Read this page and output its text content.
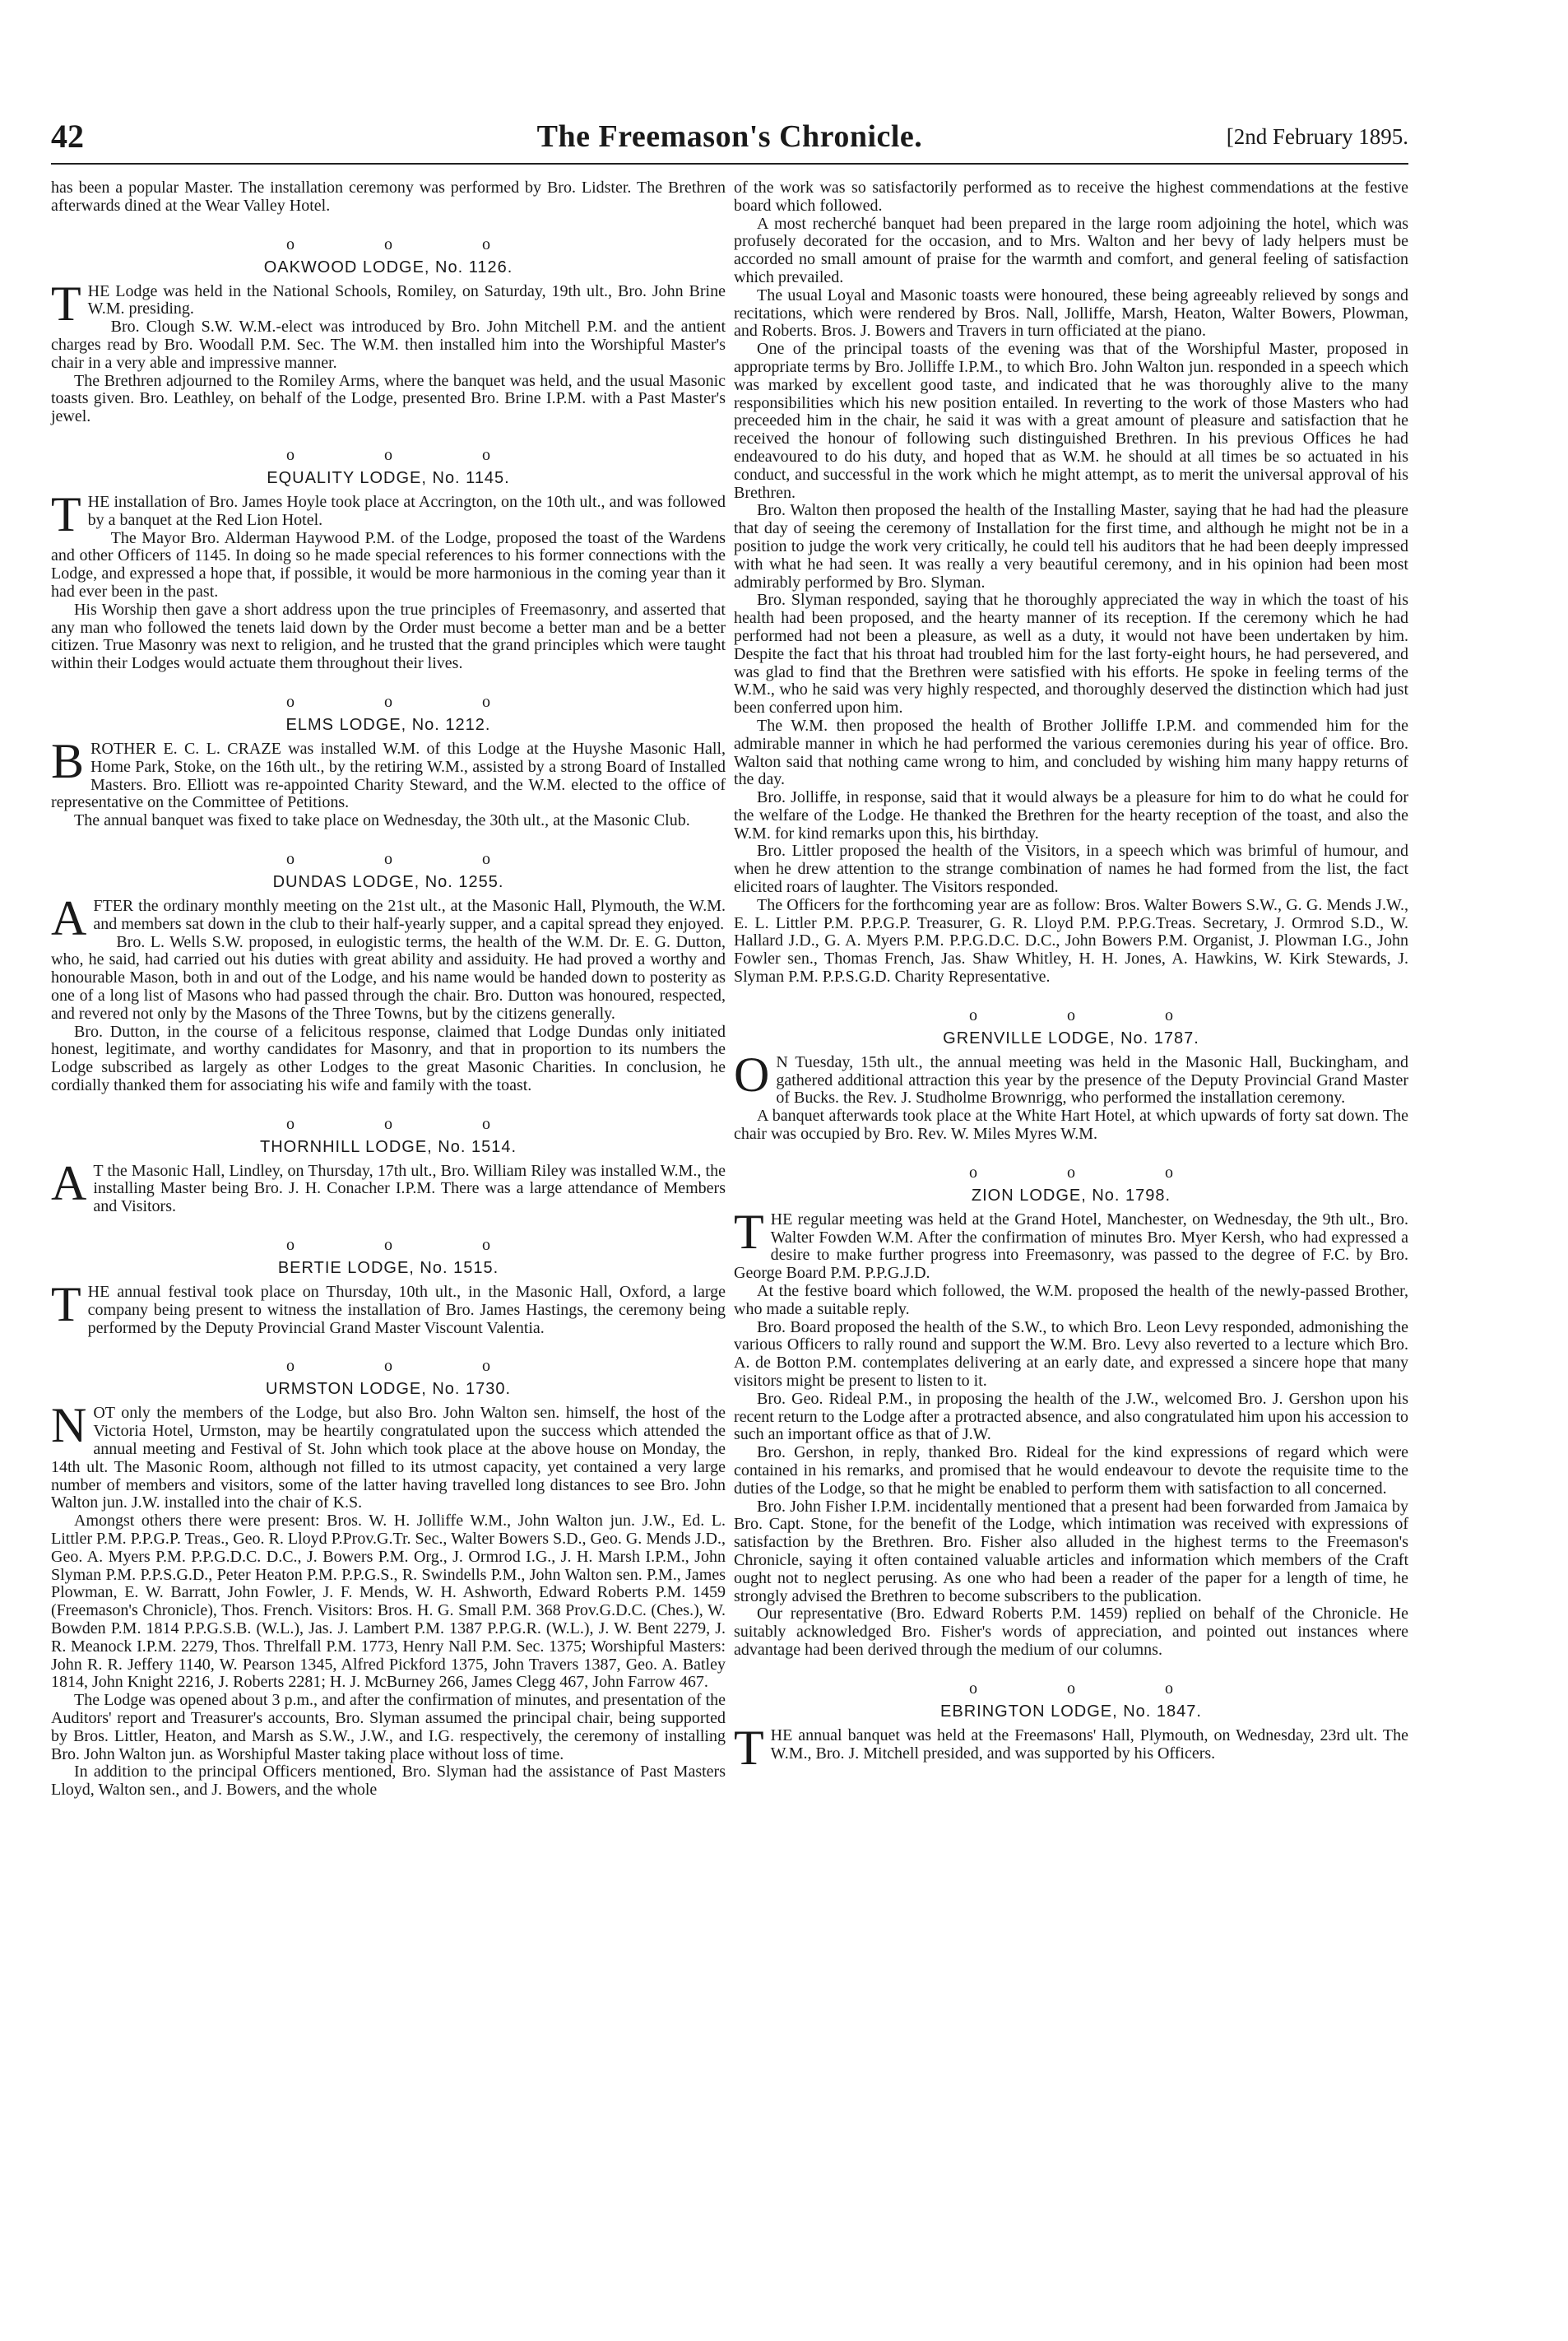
The Freemason's Chronicle.
42	[2nd February 1895.

has been a popular Master. The installation ceremony was performed by Bro. Lidster. The Brethren afterwards dined at the Wear Valley Hotel.

o o o
OAKWOOD LODGE, No. 1126.

THE Lodge was held in the National Schools, Romiley, on Saturday, 19th ult., Bro. John Brine W.M. presiding.

Bro. Clough S.W. W.M.-elect was introduced by Bro. John Mitchell P.M. and the antient charges read by Bro. Woodall P.M. Sec. The W.M. then installed him into the Worshipful Master's chair in a very able and impressive manner.

The Brethren adjourned to the Romiley Arms, where the banquet was held, and the usual Masonic toasts given. Bro. Leathley, on behalf of the Lodge, presented Bro. Brine I.P.M. with a Past Master's jewel.

o o o
EQUALITY LODGE, No. 1145.

THE installation of Bro. James Hoyle took place at Accrington, on the 10th ult., and was followed by a banquet at the Red Lion Hotel.

The Mayor Bro. Alderman Haywood P.M. of the Lodge, proposed the toast of the Wardens and other Officers of 1145. In doing so he made special references to his former connections with the Lodge, and expressed a hope that, if possible, it would be more harmonious in the coming year than it had ever been in the past.

His Worship then gave a short address upon the true principles of Freemasonry, and asserted that any man who followed the tenets laid down by the Order must become a better man and be a better citizen. True Masonry was next to religion, and he trusted that the grand principles which were taught within their Lodges would actuate them throughout their lives.

o o o
ELMS LODGE, No. 1212.

BROTHER E. C. L. CRAZE was installed W.M. of this Lodge at the Huyshe Masonic Hall, Home Park, Stoke, on the 16th ult., by the retiring W.M., assisted by a strong Board of Installed Masters. Bro. Elliott was re-appointed Charity Steward, and the W.M. elected to the office of representative on the Committee of Petitions.

The annual banquet was fixed to take place on Wednesday, the 30th ult., at the Masonic Club.

o o o
DUNDAS LODGE, No. 1255.

AFTER the ordinary monthly meeting on the 21st ult., at the Masonic Hall, Plymouth, the W.M. and members sat down in the club to their half-yearly supper, and a capital spread they enjoyed.

Bro. L. Wells S.W. proposed, in eulogistic terms, the health of the W.M. Dr. E. G. Dutton, who, he said, had carried out his duties with great ability and assiduity. He had proved a worthy and honourable Mason, both in and out of the Lodge, and his name would be handed down to posterity as one of a long list of Masons who had passed through the chair. Bro. Dutton was honoured, respected, and revered not only by the Masons of the Three Towns, but by the citizens generally.

Bro. Dutton, in the course of a felicitous response, claimed that Lodge Dundas only initiated honest, legitimate, and worthy candidates for Masonry, and that in proportion to its numbers the Lodge subscribed as largely as other Lodges to the great Masonic Charities. In conclusion, he cordially thanked them for associating his wife and family with the toast.

o o o
THORNHILL LODGE, No. 1514.

A T the Masonic Hall, Lindley, on Thursday, 17th ult., Bro. William Riley was installed W.M., the installing Master being Bro. J. H. Conacher I.P.M. There was a large attendance of Members and Visitors.

o o o
BERTIE LODGE, No. 1515.

THE annual festival took place on Thursday, 10th ult., in the Masonic Hall, Oxford, a large company being present to witness the installation of Bro. James Hastings, the ceremony being performed by the Deputy Provincial Grand Master Viscount Valentia.

o o o
URMSTON LODGE, No. 1730.

NOT only the members of the Lodge, but also Bro. John Walton sen. himself, the host of the Victoria Hotel, Urmston, may be heartily congratulated upon the success which attended the annual meeting and Festival of St. John which took place at the above house on Monday, the 14th ult. The Masonic Room, although not filled to its utmost capacity, yet contained a very large number of members and visitors, some of the latter having travelled long distances to see Bro. John Walton jun. J.W. installed into the chair of K.S.

Amongst others there were present: Bros. W. H. Jolliffe W.M., John Walton jun. J.W., Ed. L. Littler P.M. P.P.G.P. Treas., Geo. R. Lloyd P.Prov.G.Tr. Sec., Walter Bowers S.D., Geo. G. Mends J.D., Geo. A. Myers P.M. P.P.G.D.C. D.C., J. Bowers P.M. Org., J. Ormrod I.G., J. H. Marsh I.P.M., John Slyman P.M. P.P.S.G.D., Peter Heaton P.M. P.P.G.S., R. Swindells P.M., John Walton sen. P.M., James Plowman, E. W. Barratt, John Fowler, J. F. Mends, W. H. Ashworth, Edward Roberts P.M. 1459 (Freemason's Chronicle), Thos. French. Visitors: Bros. H. G. Small P.M. 368 Prov.G.D.C. (Ches.), W. Bowden P.M. 1814 P.P.G.S.B. (W.L.), Jas. J. Lambert P.M. 1387 P.P.G.R. (W.L.), J. W. Bent 2279, J. R. Meanock I.P.M. 2279, Thos. Threlfall P.M. 1773, Henry Nall P.M. Sec. 1375; Worshipful Masters: John R. R. Jeffery 1140, W. Pearson 1345, Alfred Pickford 1375, John Travers 1387, Geo. A. Batley 1814, John Knight 2216, J. Roberts 2281; H. J. McBurney 266, James Clegg 467, John Farrow 467.

The Lodge was opened about 3 p.m., and after the confirmation of minutes, and presentation of the Auditors' report and Treasurer's accounts, Bro. Slyman assumed the principal chair, being supported by Bros. Littler, Heaton, and Marsh as S.W., J.W., and I.G. respectively, the ceremony of installing Bro. John Walton jun. as Worshipful Master taking place without loss of time.

In addition to the principal Officers mentioned, Bro. Slyman had the assistance of Past Masters Lloyd, Walton sen., and J. Bowers, and the whole

of the work was so satisfactorily performed as to receive the highest commendations at the festive board which followed.

A most recherché banquet had been prepared in the large room adjoining the hotel, which was profusely decorated for the occasion, and to Mrs. Walton and her bevy of lady helpers must be accorded no small amount of praise for the warmth and comfort, and general feeling of satisfaction which prevailed.

The usual Loyal and Masonic toasts were honoured, these being agreeably relieved by songs and recitations, which were rendered by Bros. Nall, Jolliffe, Marsh, Heaton, Walter Bowers, Plowman, and Roberts. Bros. J. Bowers and Travers in turn officiated at the piano.

One of the principal toasts of the evening was that of the Worshipful Master, proposed in appropriate terms by Bro. Jolliffe I.P.M., to which Bro. John Walton jun. responded in a speech which was marked by excellent good taste, and indicated that he was thoroughly alive to the many responsibilities which his new position entailed. In reverting to the work of those Masters who had preceeded him in the chair, he said it was with a great amount of pleasure and satisfaction that he received the honour of following such distinguished Brethren. In his previous Offices he had endeavoured to do his duty, and hoped that as W.M. he should at all times be so actuated in his conduct, and successful in the work which he might attempt, as to merit the universal approval of his Brethren.

Bro. Walton then proposed the health of the Installing Master, saying that he had had the pleasure that day of seeing the ceremony of Installation for the first time, and although he might not be in a position to judge the work very critically, he could tell his auditors that he had been deeply impressed with what he had seen. It was really a very beautiful ceremony, and in his opinion had been most admirably performed by Bro. Slyman.

Bro. Slyman responded, saying that he thoroughly appreciated the way in which the toast of his health had been proposed, and the hearty manner of its reception. If the ceremony which he had performed had not been a pleasure, as well as a duty, it would not have been undertaken by him. Despite the fact that his throat had troubled him for the last forty-eight hours, he had persevered, and was glad to find that the Brethren were satisfied with his efforts. He spoke in feeling terms of the W.M., who he said was very highly respected, and thoroughly deserved the distinction which had just been conferred upon him.

The W.M. then proposed the health of Brother Jolliffe I.P.M. and commended him for the admirable manner in which he had performed the various ceremonies during his year of office. Bro. Walton said that nothing came wrong to him, and concluded by wishing him many happy returns of the day.

Bro. Jolliffe, in response, said that it would always be a pleasure for him to do what he could for the welfare of the Lodge. He thanked the Brethren for the hearty reception of the toast, and also the W.M. for kind remarks upon this, his birthday.

Bro. Littler proposed the health of the Visitors, in a speech which was brimful of humour, and when he drew attention to the strange combination of names he had formed from the list, the fact elicited roars of laughter. The Visitors responded.

The Officers for the forthcoming year are as follow: Bros. Walter Bowers S.W., G. G. Mends J.W., E. L. Littler P.M. P.P.G.P. Treasurer, G. R. Lloyd P.M. P.P.G.Treas. Secretary, J. Ormrod S.D., W. Hallard J.D., G. A. Myers P.M. P.P.G.D.C. D.C., John Bowers P.M. Organist, J. Plowman I.G., John Fowler sen., Thomas French, Jas. Shaw Whitley, H. H. Jones, A. Hawkins, W. Kirk Stewards, J. Slyman P.M. P.P.S.G.D. Charity Representative.

o o o
GRENVILLE LODGE, No. 1787.

O N Tuesday, 15th ult., the annual meeting was held in the Masonic Hall, Buckingham, and gathered additional attraction this year by the presence of the Deputy Provincial Grand Master of Bucks. the Rev. J. Studholme Brownrigg, who performed the installation ceremony.

A banquet afterwards took place at the White Hart Hotel, at which upwards of forty sat down. The chair was occupied by Bro. Rev. W. Miles Myres W.M.

o o o
ZION LODGE, No. 1798.

THE regular meeting was held at the Grand Hotel, Manchester, on Wednesday, the 9th ult., Bro. Walter Fowden W.M. After the confirmation of minutes Bro. Myer Kersh, who had expressed a desire to make further progress into Freemasonry, was passed to the degree of F.C. by Bro. George Board P.M. P.P.G.J.D.

At the festive board which followed, the W.M. proposed the health of the newly-passed Brother, who made a suitable reply.

Bro. Board proposed the health of the S.W., to which Bro. Leon Levy responded, admonishing the various Officers to rally round and support the W.M. Bro. Levy also reverted to a lecture which Bro. A. de Botton P.M. contemplates delivering at an early date, and expressed a sincere hope that many visitors might be present to listen to it.

Bro. Geo. Rideal P.M., in proposing the health of the J.W., welcomed Bro. J. Gershon upon his recent return to the Lodge after a protracted absence, and also congratulated him upon his accession to such an important office as that of J.W.

Bro. Gershon, in reply, thanked Bro. Rideal for the kind expressions of regard which were contained in his remarks, and promised that he would endeavour to devote the requisite time to the duties of the Lodge, so that he might be enabled to perform them with satisfaction to all concerned.

Bro. John Fisher I.P.M. incidentally mentioned that a present had been forwarded from Jamaica by Bro. Capt. Stone, for the benefit of the Lodge, which intimation was received with expressions of satisfaction by the Brethren. Bro. Fisher also alluded in the highest terms to the Freemason's Chronicle, saying it often contained valuable articles and information which members of the Craft ought not to neglect perusing. As one who had been a reader of the paper for a length of time, he strongly advised the Brethren to become subscribers to the publication.

Our representative (Bro. Edward Roberts P.M. 1459) replied on behalf of the Chronicle. He suitably acknowledged Bro. Fisher's words of appreciation, and pointed out instances where advantage had been derived through the medium of our columns.

o o o
EBRINGTON LODGE, No. 1847.

THE annual banquet was held at the Freemasons' Hall, Plymouth, on Wednesday, 23rd ult. The W.M., Bro. J. Mitchell presided, and was supported by his Officers.
